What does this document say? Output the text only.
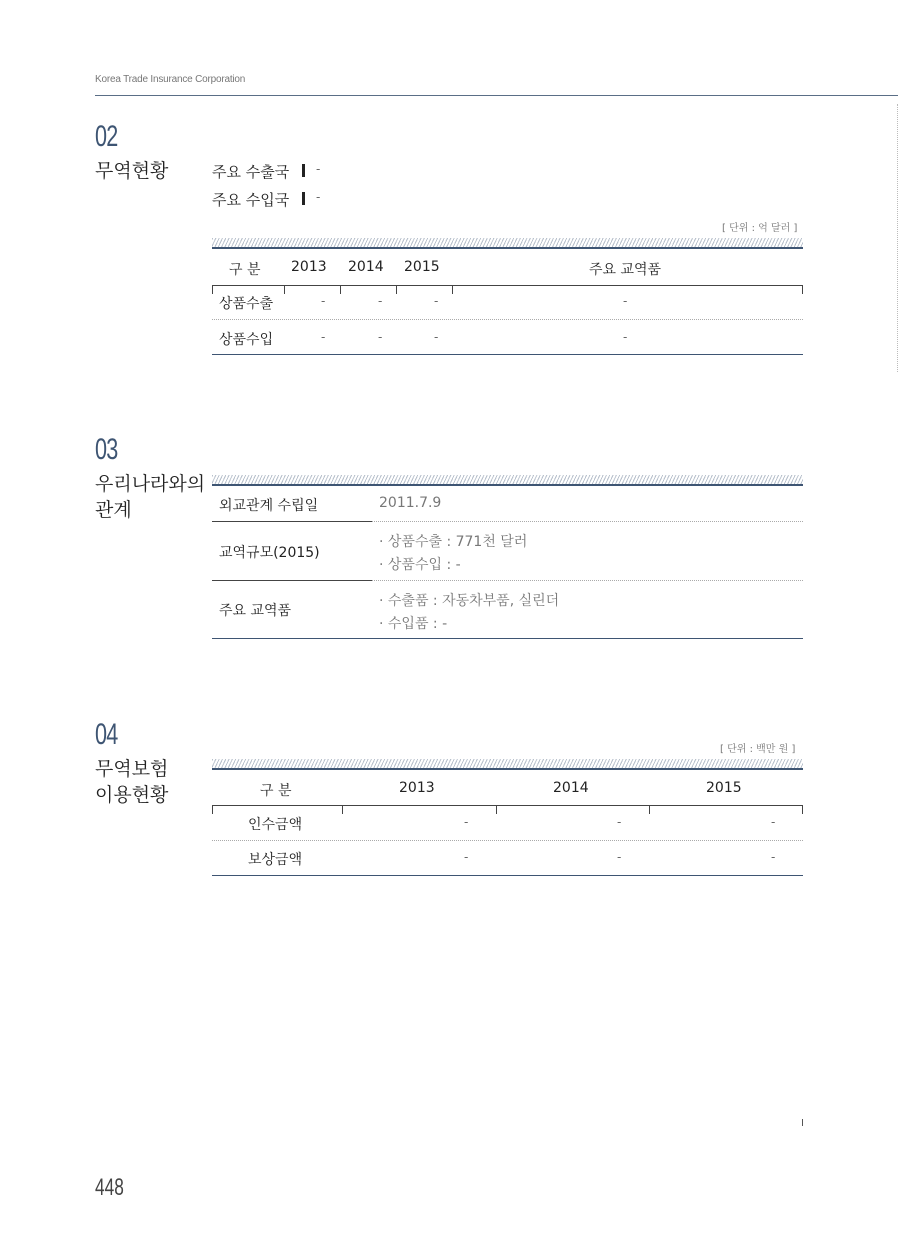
Korea Trade Insurance Corporation
02
무역현황	주요 수출국 -
주요 수입국 -
[ 단위 : 억 달러 ]
구 분 2013 2014 2015	주요 교역품
상품수출	-	-	-	-
상품수입	-	-	-	-
03
우리나라와의
관계	외교관계 수립일	2011.7.9
교역규모(2015)
· 상품수출 : 771천 달러
· 상품수입 : -
주요 교역품
· 수출품 : 자동차부품, 실린더
· 수입품 : -
04
무역보험
이용현황
[ 단위 : 백만 원 ]
구 분	2013	2014	2015
인수금액	-	-	-
보상금액	-	-	-
448
